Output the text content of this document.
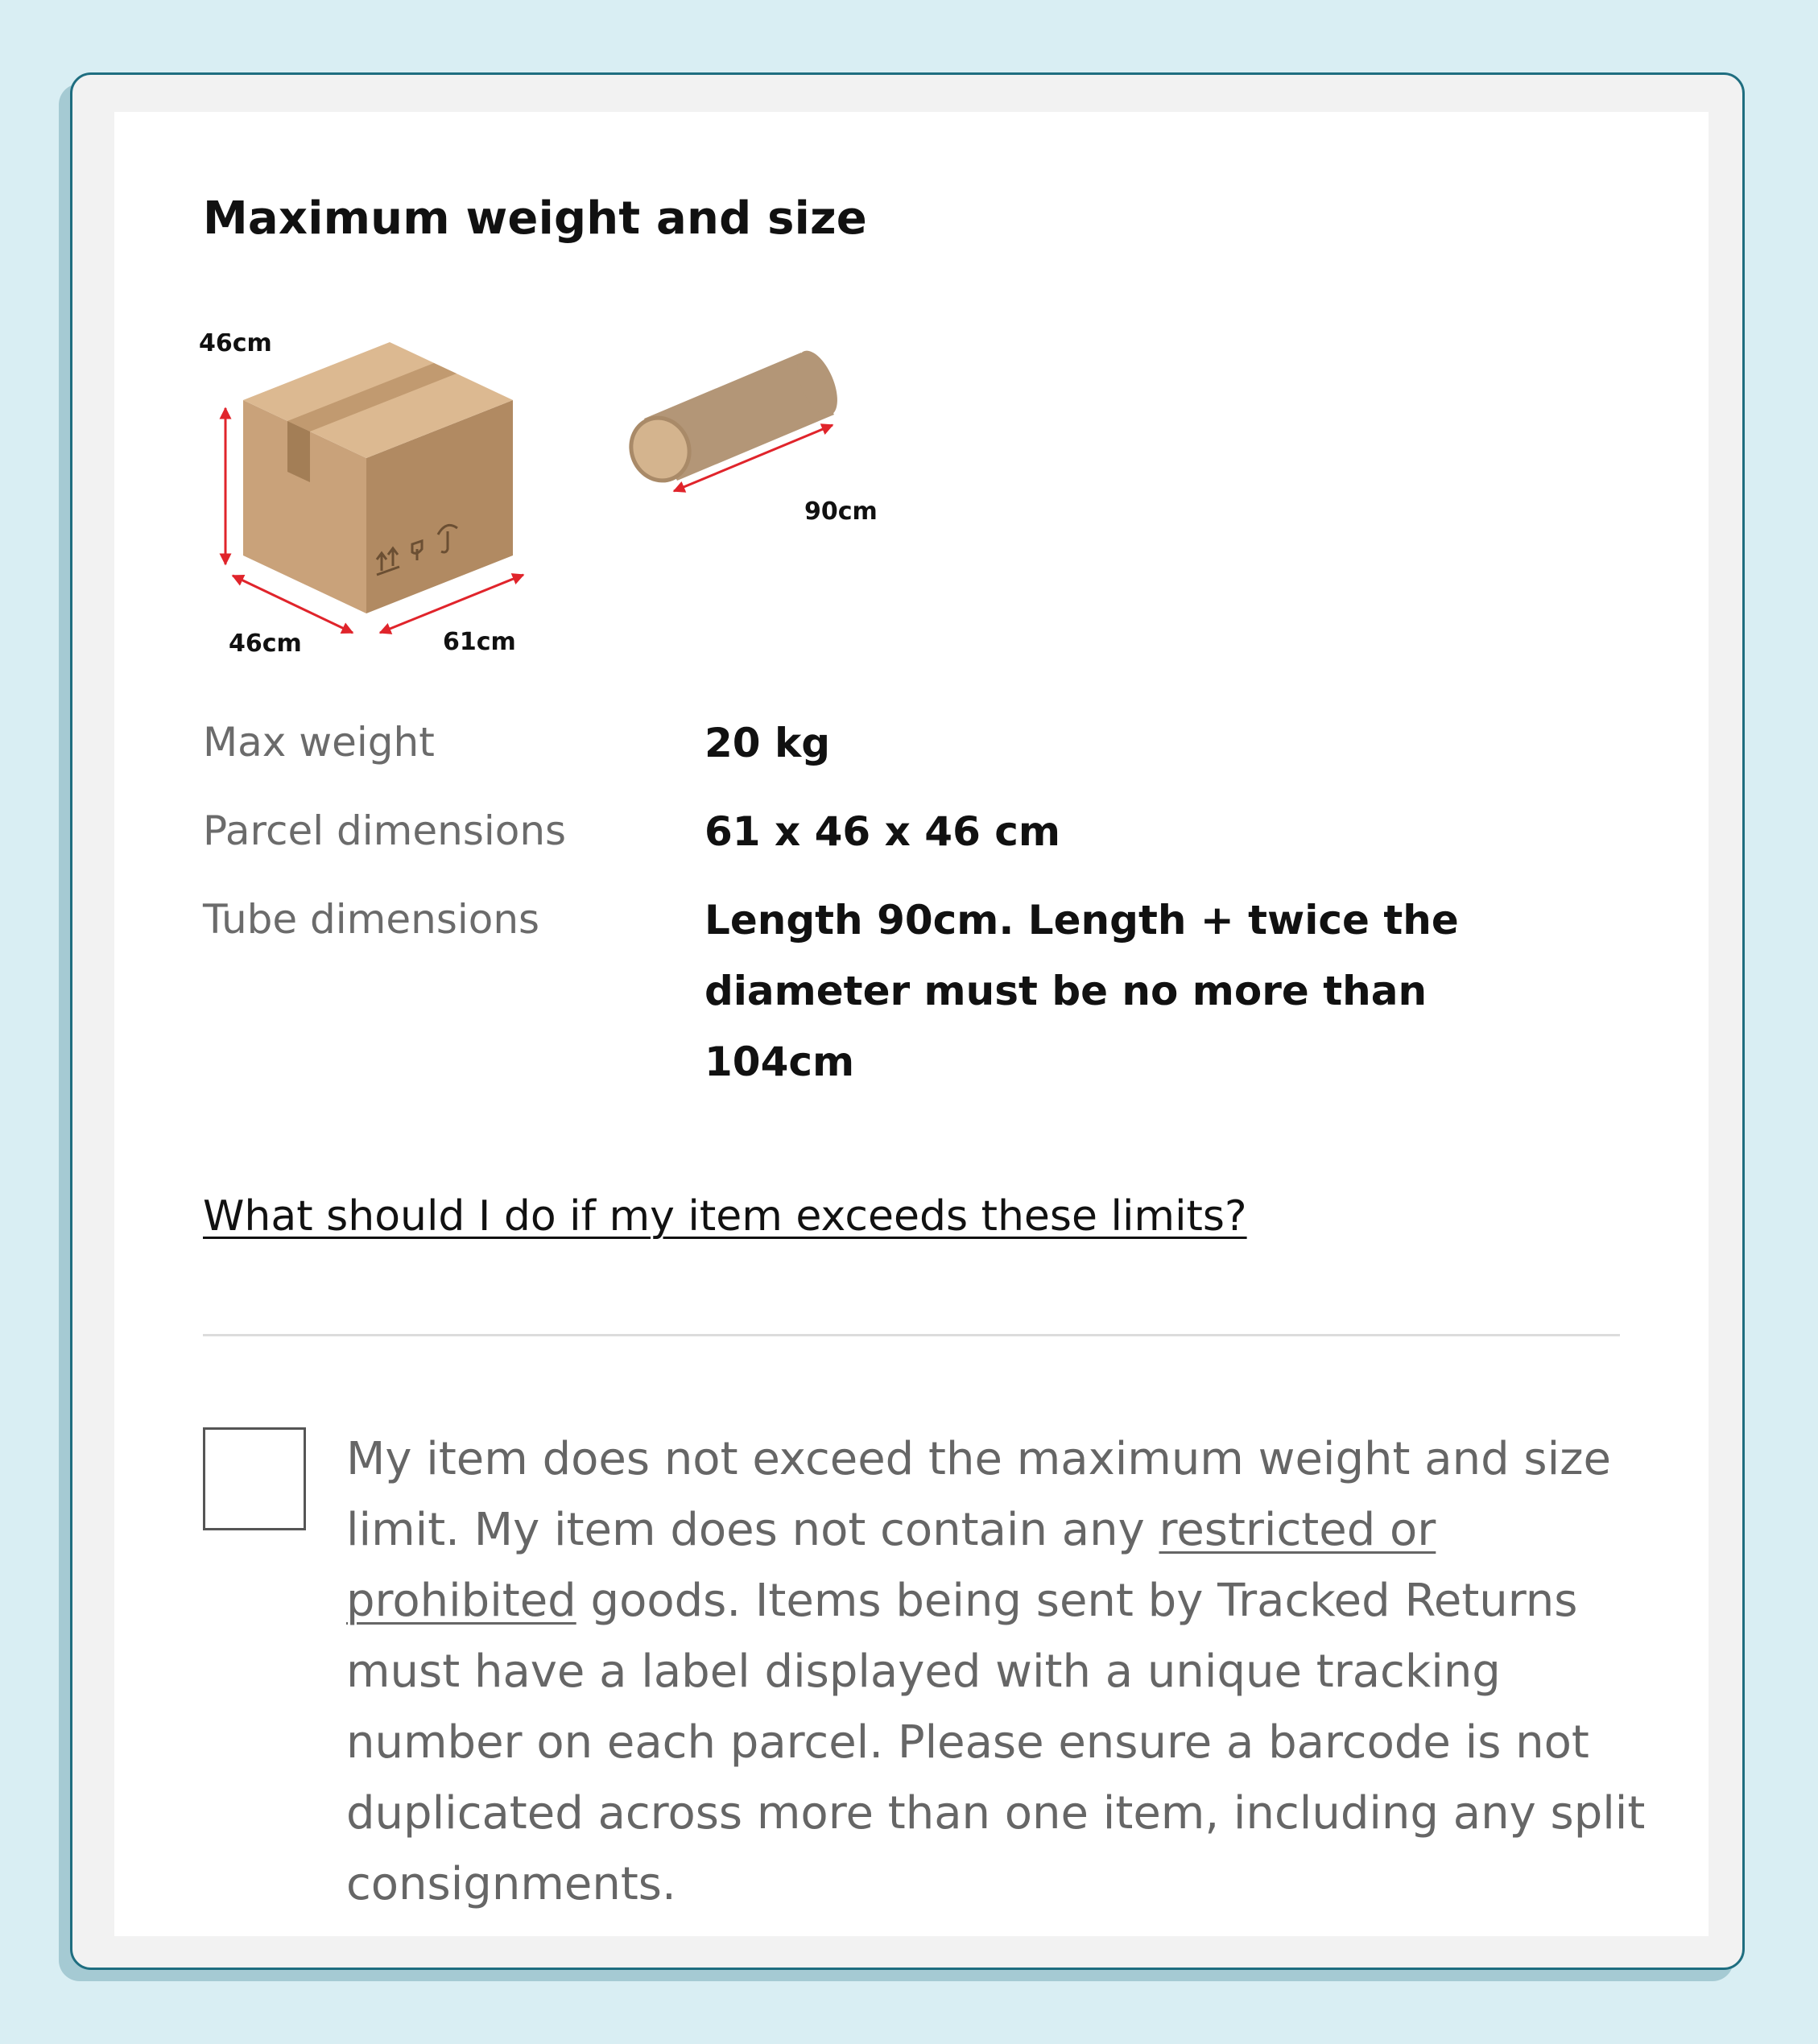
Maximum weight and size
46cm
46cm	61cm
90cm
Max weight	20 kg
Parcel dimensions	61 x 46 x 46 cm
Tube dimensions	Length 90cm. Length + twice the diameter must be no more than 104cm
What should I do if my item exceeds these limits?
My item does not exceed the maximum weight and size limit. My item does not contain any restricted or prohibited goods. Items being sent by Tracked Returns must have a label displayed with a unique tracking number on each parcel. Please ensure a barcode is not duplicated across more than one item, including any split consignments.
